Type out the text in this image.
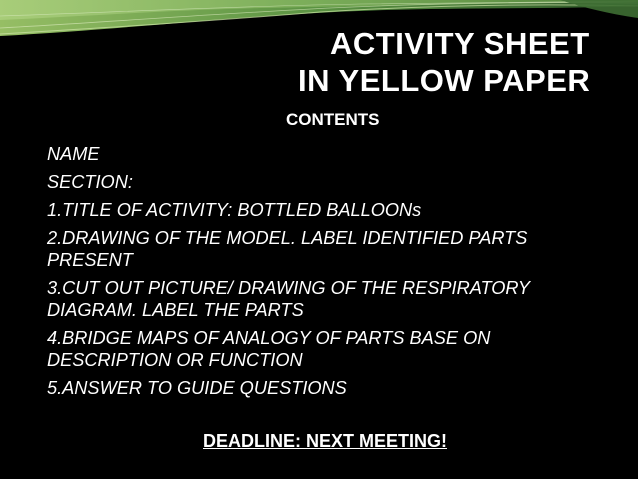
ACTIVITY SHEET
IN YELLOW PAPER
CONTENTS
NAME
SECTION:
1.TITLE OF ACTIVITY: BOTTLED BALLOONs
2.DRAWING OF THE MODEL. LABEL IDENTIFIED PARTS PRESENT
3.CUT OUT PICTURE/ DRAWING OF THE RESPIRATORY DIAGRAM. LABEL THE PARTS
4.BRIDGE MAPS OF ANALOGY OF PARTS BASE ON DESCRIPTION OR FUNCTION
5.ANSWER TO GUIDE QUESTIONS
DEADLINE: NEXT MEETING!
